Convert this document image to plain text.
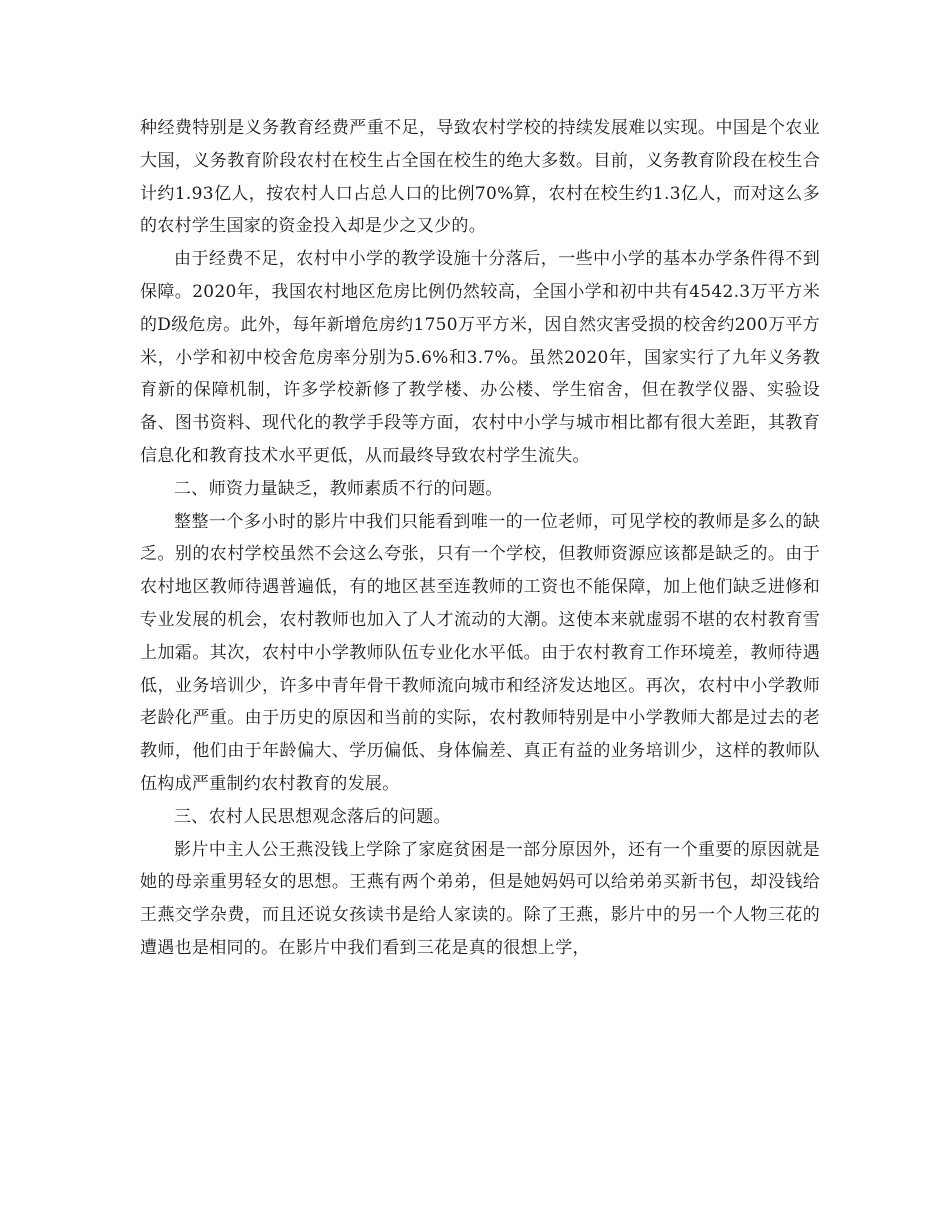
种经费特别是义务教育经费严重不足，导致农村学校的持续发展难以实现。中国是个农业大国，义务教育阶段农村在校生占全国在校生的绝大多数。目前，义务教育阶段在校生合计约1.93亿人，按农村人口占总人口的比例70%算，农村在校生约1.3亿人，而对这么多的农村学生国家的资金投入却是少之又少的。

由于经费不足，农村中小学的教学设施十分落后，一些中小学的基本办学条件得不到保障。2020年，我国农村地区危房比例仍然较高，全国小学和初中共有4542.3万平方米的D级危房。此外，每年新增危房约1750万平方米，因自然灾害受损的校舍约200万平方米，小学和初中校舍危房率分别为5.6%和3.7%。虽然2020年，国家实行了九年义务教育新的保障机制，许多学校新修了教学楼、办公楼、学生宿舍，但在教学仪器、实验设备、图书资料、现代化的教学手段等方面，农村中小学与城市相比都有很大差距，其教育信息化和教育技术水平更低，从而最终导致农村学生流失。

二、师资力量缺乏，教师素质不行的问题。

整整一个多小时的影片中我们只能看到唯一的一位老师，可见学校的教师是多么的缺乏。别的农村学校虽然不会这么夸张，只有一个学校，但教师资源应该都是缺乏的。由于农村地区教师待遇普遍低，有的地区甚至连教师的工资也不能保障，加上他们缺乏进修和专业发展的机会，农村教师也加入了人才流动的大潮。这使本来就虚弱不堪的农村教育雪上加霜。其次，农村中小学教师队伍专业化水平低。由于农村教育工作环境差，教师待遇低，业务培训少，许多中青年骨干教师流向城市和经济发达地区。再次，农村中小学教师老龄化严重。由于历史的原因和当前的实际，农村教师特别是中小学教师大都是过去的老教师，他们由于年龄偏大、学历偏低、身体偏差、真正有益的业务培训少，这样的教师队伍构成严重制约农村教育的发展。

三、农村人民思想观念落后的问题。

影片中主人公王燕没钱上学除了家庭贫困是一部分原因外，还有一个重要的原因就是她的母亲重男轻女的思想。王燕有两个弟弟，但是她妈妈可以给弟弟买新书包，却没钱给王燕交学杂费，而且还说女孩读书是给人家读的。除了王燕，影片中的另一个人物三花的遭遇也是相同的。在影片中我们看到三花是真的很想上学，
